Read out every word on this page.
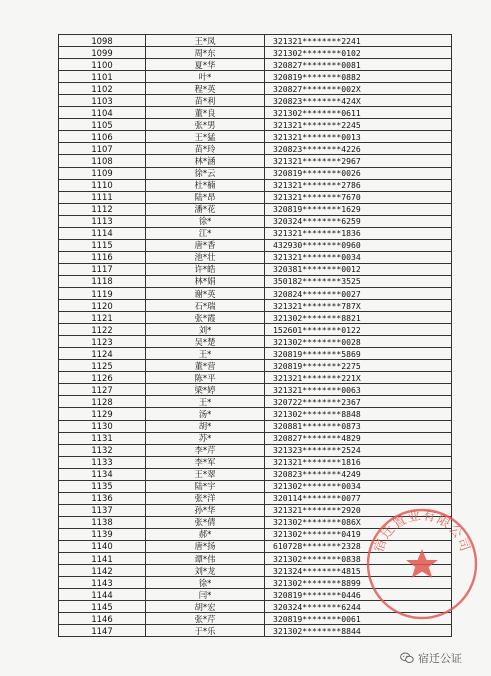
1098	王*凤	321321********2241
1099	周*东	321302********0102
1100	夏*华	320827********0081
1101	叶*	320819********0882
1102	程*英	320827********002X
1103	苗*利	320823********424X
1104	董*良	321302********0611
1105	张*男	321321********2245
1106	王*猛	321321********0013
1107	苗*玲	320823********4226
1108	林*涵	321321********2967
1109	徐*云	320819********0026
1110	杜*楠	321321********2786
1111	陆*昂	321321********7670
1112	潘*花	320819********1629
1113	徐*	320324********6259
1114	江*	321321********1836
1115	唐*香	432930********0960
1116	池*壮	321321********0034
1117	许*皓	320381********0012
1118	林*娟	350182********3525
1119	谢*英	320824********0027
1120	石*瑞	321321********787X
1121	张*霞	321302********8821
1122	刘*	152601********0122
1123	吴*楚	321302********0028
1124	王*	320819********5869
1125	董*营	320819********2275
1126	陈*平	321321********221X
1127	梁*婷	321321********0063
1128	王*	320722********2367
1129	汤*	321302********8848
1130	胡*	320881********0873
1131	苏*	320827********4829
1132	李*芹	321323********2524
1133	李*军	321321********1816
1134	王*翠	320823********4249
1135	陆*宇	321302********0034
1136	张*洋	320114********0077
1137	孙*华	321321********2920
1138	张*倩	321302********086X
1139	郝*	321302********0419
1140	唐*扬	610728********2328
1141	谭*伟	321302********0838
1142	刘*龙	321324********4815
1143	徐*	321302********8899
1144	闫*	320819********0446
1145	胡*宏	320324********6244
1146	张*芹	320819********0061
1147	于*乐	321302********8844
宿迁置业有限公司
宿迁公证
